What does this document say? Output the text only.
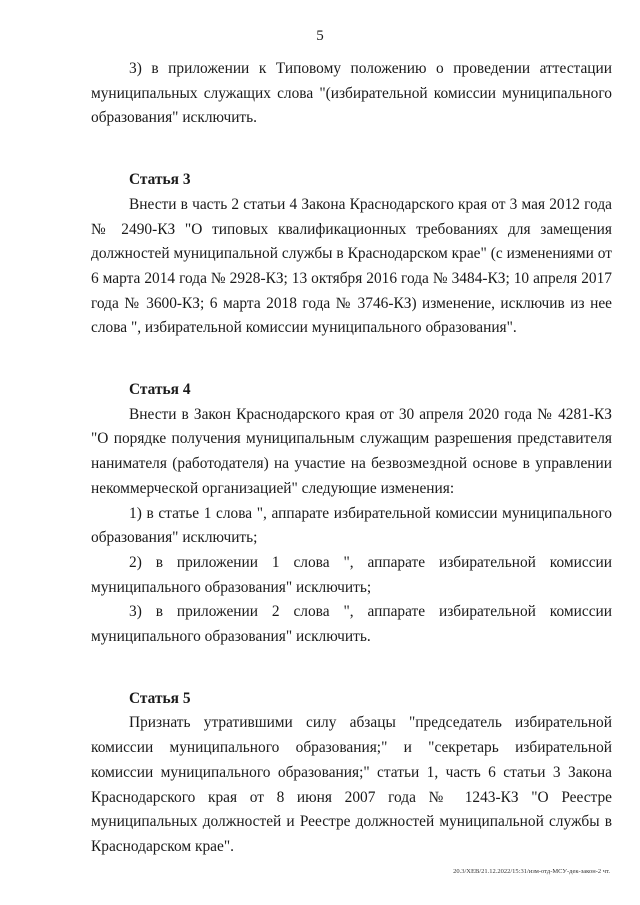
5

3) в приложении к Типовому положению о проведении аттестации муниципальных служащих слова "(избирательной комиссии муниципального образования" исключить.

Статья 3

Внести в часть 2 статьи 4 Закона Краснодарского края от 3 мая 2012 года № 2490-КЗ "О типовых квалификационных требованиях для замещения должностей муниципальной службы в Краснодарском крае" (с изменениями от 6 марта 2014 года № 2928-КЗ; 13 октября 2016 года № 3484-КЗ; 10 апреля 2017 года № 3600-КЗ; 6 марта 2018 года № 3746-КЗ) изменение, исключив из нее слова ", избирательной комиссии муниципального образования".

Статья 4

Внести в Закон Краснодарского края от 30 апреля 2020 года № 4281-КЗ "О порядке получения муниципальным служащим разрешения представителя нанимателя (работодателя) на участие на безвозмездной основе в управлении некоммерческой организацией" следующие изменения:

1) в статье 1 слова ", аппарате избирательной комиссии муниципального образования" исключить;

2) в приложении 1 слова ", аппарате избирательной комиссии муниципального образования" исключить;

3) в приложении 2 слова ", аппарате избирательной комиссии муниципального образования" исключить.

Статья 5

Признать утратившими силу абзацы "председатель избирательной комиссии муниципального образования;" и "секретарь избирательной комиссии муниципального образования;" статьи 1, часть 6 статьи 3 Закона Краснодарского края от 8 июня 2007 года № 1243-КЗ "О Реестре муниципальных должностей и Реестре должностей муниципальной службы в Краснодарском крае".

20.3/ХЕВ/21.12.2022/15:31/изм-отд-МСУ-дек-закон-2 чт.
